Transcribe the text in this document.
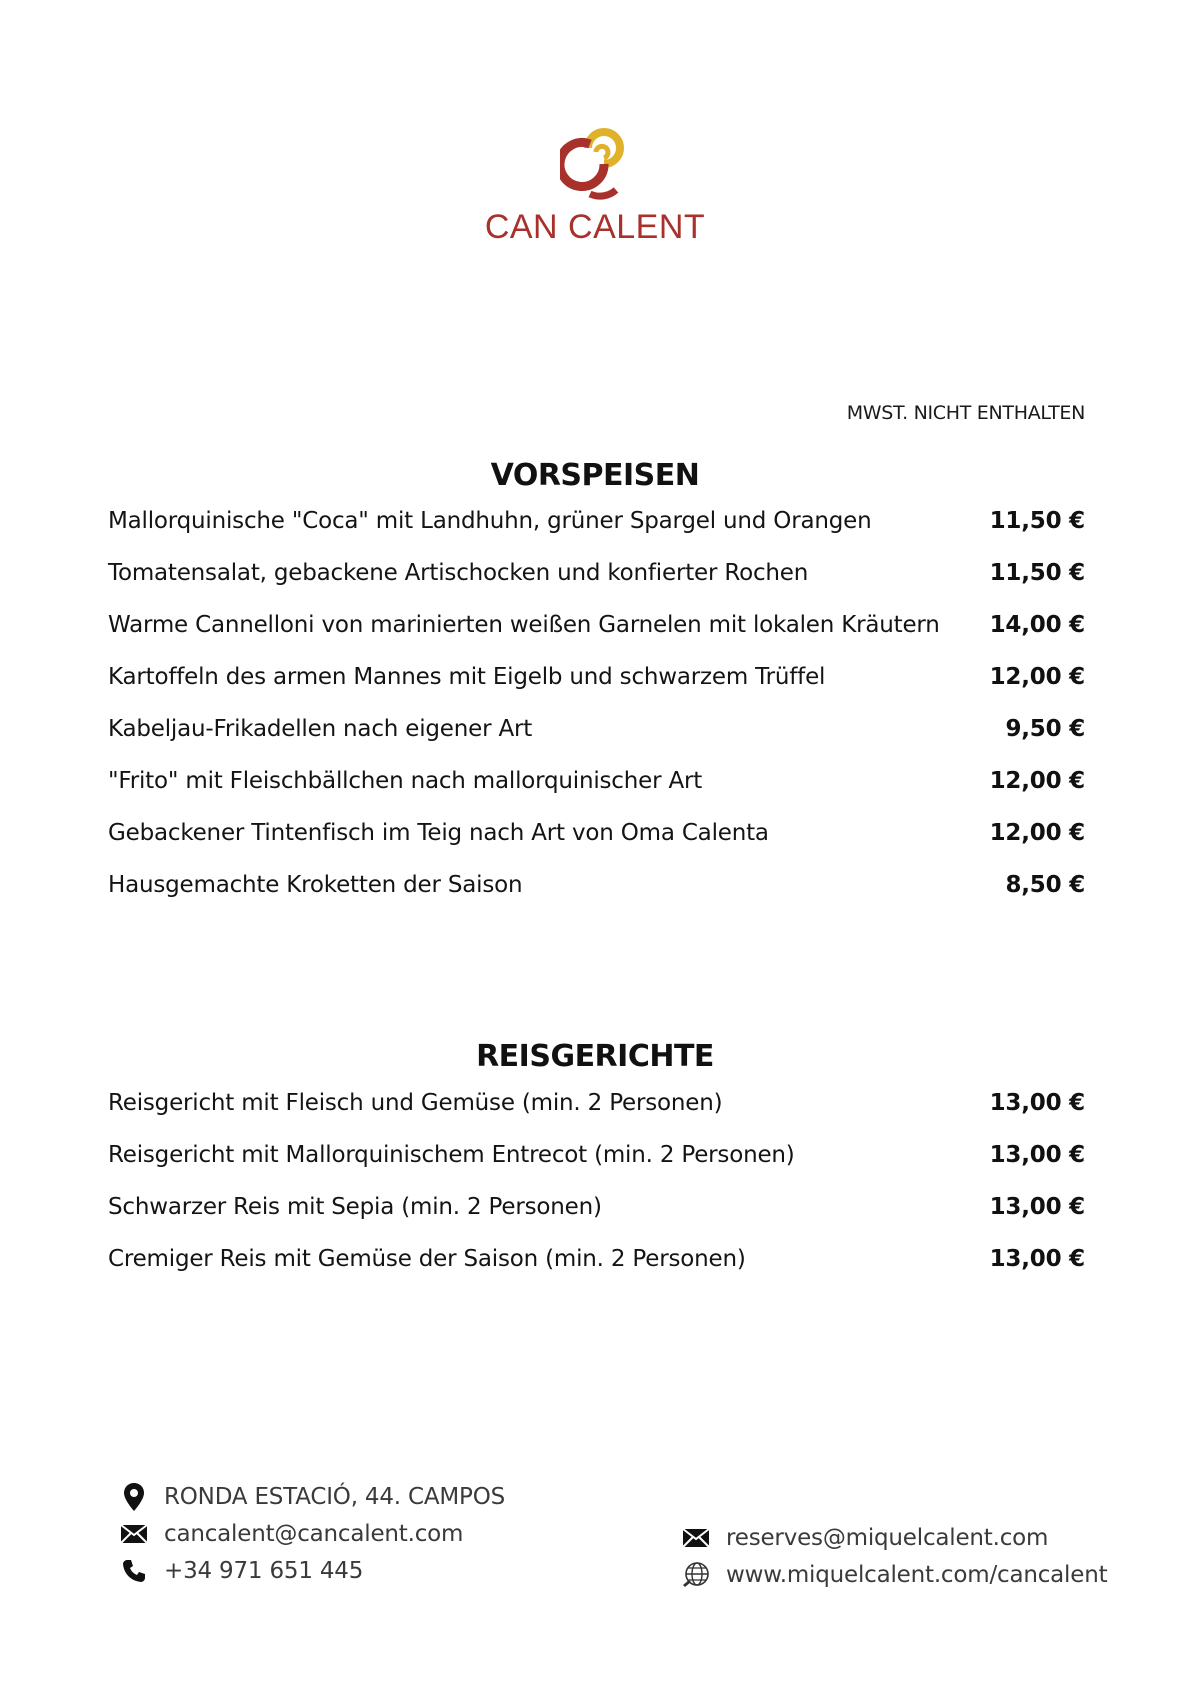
CAN CALENT
MWST. NICHT ENTHALTEN
VORSPEISEN
Mallorquinische "Coca" mit Landhuhn, grüner Spargel und Orangen	11,50 €
Tomatensalat, gebackene Artischocken und konfierter Rochen	11,50 €
Warme Cannelloni von marinierten weißen Garnelen mit lokalen Kräutern 14,00 €
Kartoffeln des armen Mannes mit Eigelb und schwarzem Trüffel	12,00 €
Kabeljau-Frikadellen nach eigener Art	9,50 €
"Frito" mit Fleischbällchen nach mallorquinischer Art	12,00 €
Gebackener Tintenfisch im Teig nach Art von Oma Calenta	12,00 €
Hausgemachte Kroketten der Saison	8,50 €
REISGERICHTE
Reisgericht mit Fleisch und Gemüse (min. 2 Personen)	13,00 €
Reisgericht mit Mallorquinischem Entrecot (min. 2 Personen)	13,00 €
Schwarzer Reis mit Sepia (min. 2 Personen)	13,00 €
Cremiger Reis mit Gemüse der Saison (min. 2 Personen)	13,00 €
RONDA ESTACIÓ, 44. CAMPOS
cancalent@cancalent.com
+34 971 651 445
reserves@miquelcalent.com
www.miquelcalent.com/cancalent
